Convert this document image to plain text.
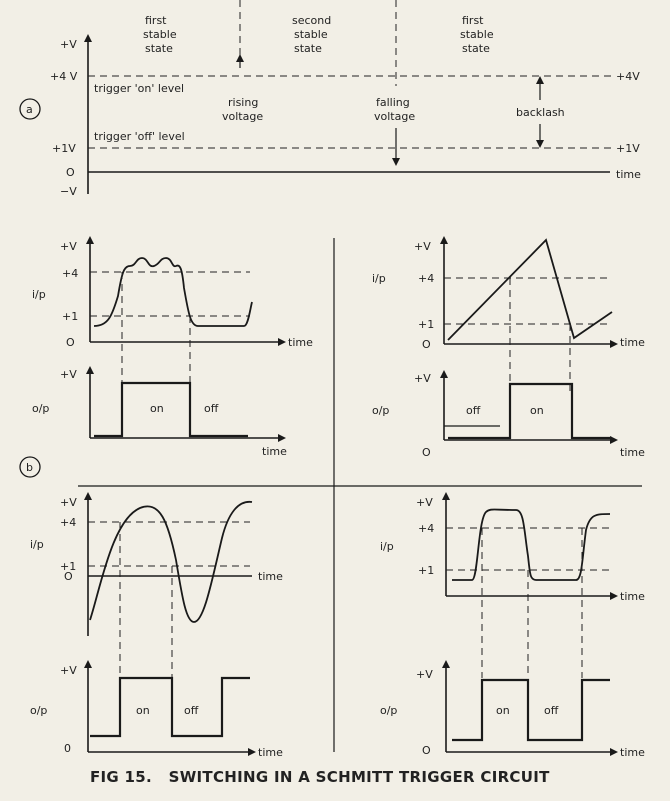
+V
+4 V
+1V
O
−V
+4V
+1V
time
first
stable
state
second
stable
state
first
stable
state
trigger 'on' level
trigger 'off' level
rising
voltage
falling
voltage	backlash
a
b
+V
+4
+1
O
i/p
time
+V
o/p	on	off
time
+V
+4
+1
O
i/p
time
+V
o/p	off	on
O	time
+V
+4
+1
O
i/p
time
+V
o/p	on	off
0	time
+V
+4
+1
i/p
time
+V
o/p	on	off
O	time
FIG 15.   SWITCHING IN A SCHMITT TRIGGER CIRCUIT
